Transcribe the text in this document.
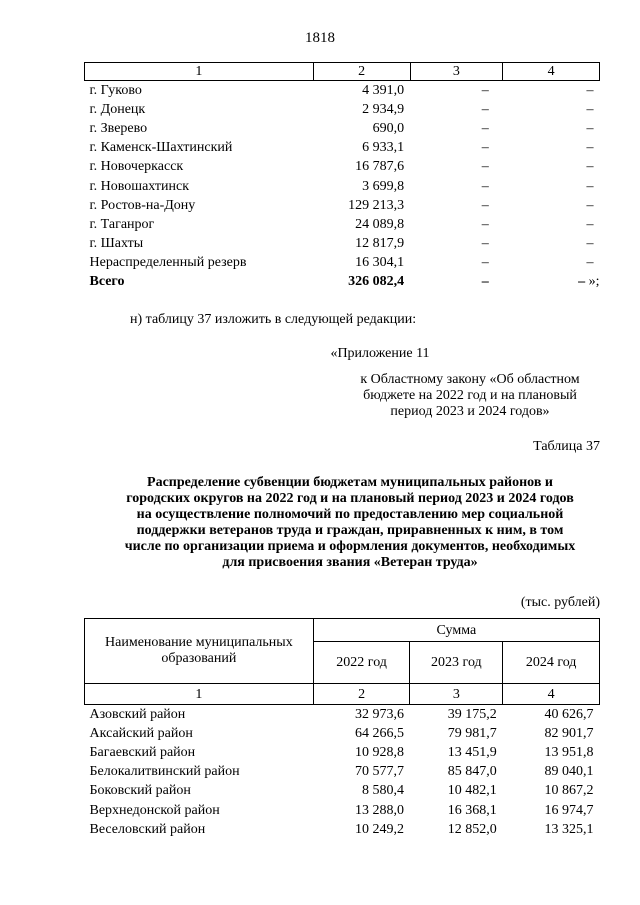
1818
1	2	3	4
г. Гуково	4 391,0	–	–
г. Донецк	2 934,9	–	–
г. Зверево	690,0	–	–
г. Каменск-Шахтинский	6 933,1	–	–
г. Новочеркасск	16 787,6	–	–
г. Новошахтинск	3 699,8	–	–
г. Ростов-на-Дону	129 213,3	–	–
г. Таганрог	24 089,8	–	–
г. Шахты	12 817,9	–	–
Нераспределенный резерв	16 304,1	–	–
Всего	326 082,4	–	– »;
н) таблицу 37 изложить в следующей редакции:
«Приложение 11
к Областному закону «Об областном
бюджете на 2022 год и на плановый
период 2023 и 2024 годов»
Таблица 37
Распределение субвенции бюджетам муниципальных районов и
городских округов на 2022 год и на плановый период 2023 и 2024 годов
на осуществление полномочий по предоставлению мер социальной
поддержки ветеранов труда и граждан, приравненных к ним, в том
числе по организации приема и оформления документов, необходимых
для присвоения звания «Ветеран труда»
(тыс. рублей)
Наименование муниципальных
образований	Сумма		
	2022 год	2023 год	2024 год
1	2	3	4
Азовский район	32 973,6	39 175,2	40 626,7
Аксайский район	64 266,5	79 981,7	82 901,7
Багаевский район	10 928,8	13 451,9	13 951,8
Белокалитвинский район	70 577,7	85 847,0	89 040,1
Боковский район	8 580,4	10 482,1	10 867,2
Верхнедонской район	13 288,0	16 368,1	16 974,7
Веселовский район	10 249,2	12 852,0	13 325,1
